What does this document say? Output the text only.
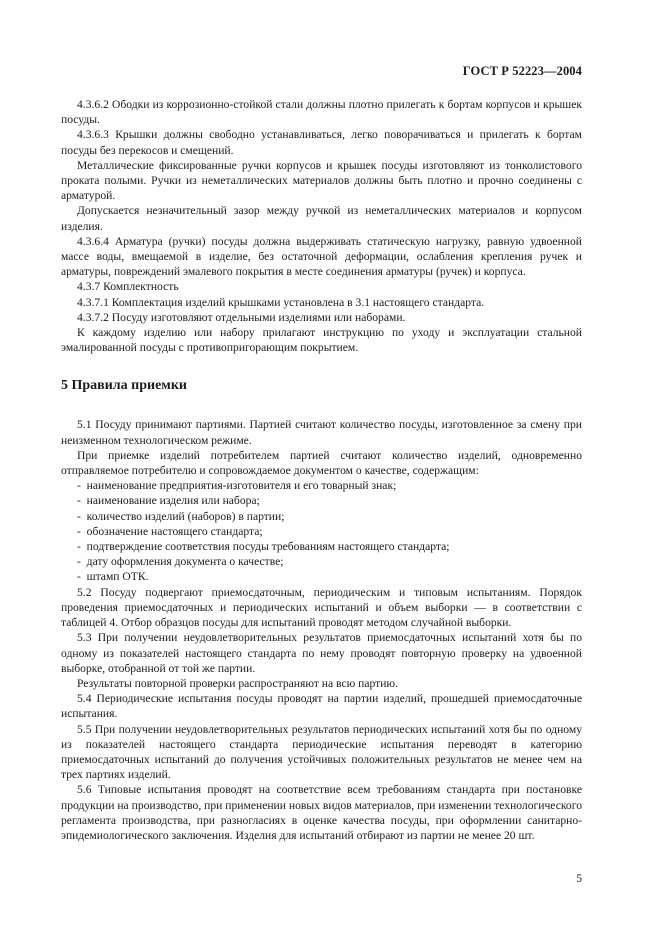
ГОСТ Р 52223—2004

4.3.6.2 Ободки из коррозионно-стойкой стали должны плотно прилегать к бортам корпусов и крышек посуды.

4.3.6.3 Крышки должны свободно устанавливаться, легко поворачиваться и прилегать к бортам посуды без перекосов и смещений.

Металлические фиксированные ручки корпусов и крышек посуды изготовляют из тонколистового проката полыми. Ручки из неметаллических материалов должны быть плотно и прочно соединены с арматурой.

Допускается незначительный зазор между ручкой из неметаллических материалов и корпусом изделия.

4.3.6.4 Арматура (ручки) посуды должна выдерживать статическую нагрузку, равную удвоенной массе воды, вмещаемой в изделие, без остаточной деформации, ослабления крепления ручек и арматуры, повреждений эмалевого покрытия в месте соединения арматуры (ручек) и корпуса.

4.3.7 Комплектность

4.3.7.1 Комплектация изделий крышками установлена в 3.1 настоящего стандарта.

4.3.7.2 Посуду изготовляют отдельными изделиями или наборами.

К каждому изделию или набору прилагают инструкцию по уходу и эксплуатации стальной эмалированной посуды с противопригорающим покрытием.

5 Правила приемки

5.1 Посуду принимают партиями. Партией считают количество посуды, изготовленное за смену при неизменном технологическом режиме.

При приемке изделий потребителем партией считают количество изделий, одновременно отправляемое потребителю и сопровождаемое документом о качестве, содержащим:

-  наименование предприятия-изготовителя и его товарный знак;
-  наименование изделия или набора;
-  количество изделий (наборов) в партии;
-  обозначение настоящего стандарта;
-  подтверждение соответствия посуды требованиям настоящего стандарта;
-  дату оформления документа о качестве;
-  штамп ОТК.

5.2 Посуду подвергают приемосдаточным, периодическим и типовым испытаниям. Порядок проведения приемосдаточных и периодических испытаний и объем выборки — в соответствии с таблицей 4. Отбор образцов посуды для испытаний проводят методом случайной выборки.

5.3 При получении неудовлетворительных результатов приемосдаточных испытаний хотя бы по одному из показателей настоящего стандарта по нему проводят повторную проверку на удвоенной выборке, отобранной от той же партии.

Результаты повторной проверки распространяют на всю партию.

5.4 Периодические испытания посуды проводят на партии изделий, прошедшей приемосдаточные испытания.

5.5 При получении неудовлетворительных результатов периодических испытаний хотя бы по одному из показателей настоящего стандарта периодические испытания переводят в категорию приемосдаточных испытаний до получения устойчивых положительных результатов не менее чем на трех партиях изделий.

5.6 Типовые испытания проводят на соответствие всем требованиям стандарта при постановке продукции на производство, при применении новых видов материалов, при изменении технологического регламента производства, при разногласиях в оценке качества посуды, при оформлении санитарно-эпидемиологического заключения. Изделия для испытаний отбирают из партии не менее 20 шт.

5
